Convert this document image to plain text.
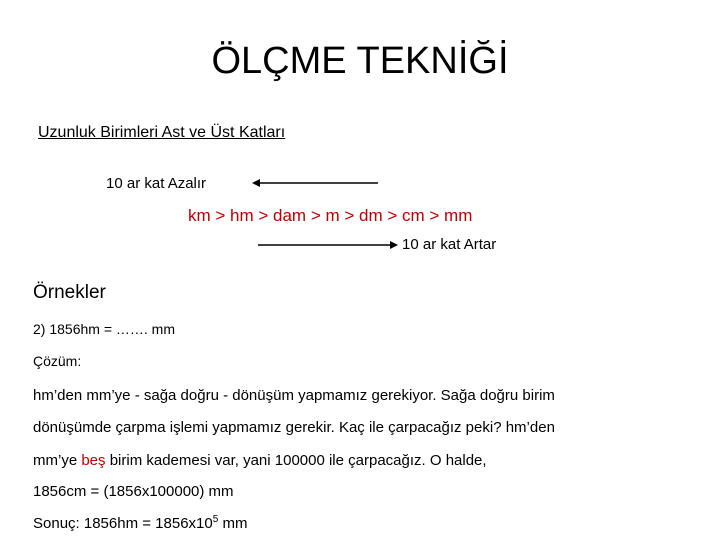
ÖLÇME TEKNİĞİ
Uzunluk Birimleri Ast ve Üst Katları
10 ar kat Azalır
km > hm > dam > m > dm > cm > mm
10 ar kat Artar
Örnekler
2) 1856hm = ……. mm
Çözüm:
hm’den mm’ye - sağa doğru - dönüşüm yapmamız gerekiyor. Sağa doğru birim
dönüşümde çarpma işlemi yapmamız gerekir. Kaç ile çarpacağız peki? hm’den
mm’ye beş birim kademesi var, yani 100000 ile çarpacağız. O halde,
1856cm = (1856x100000) mm
Sonuç: $1856hm = 1856x10^5$ mm
